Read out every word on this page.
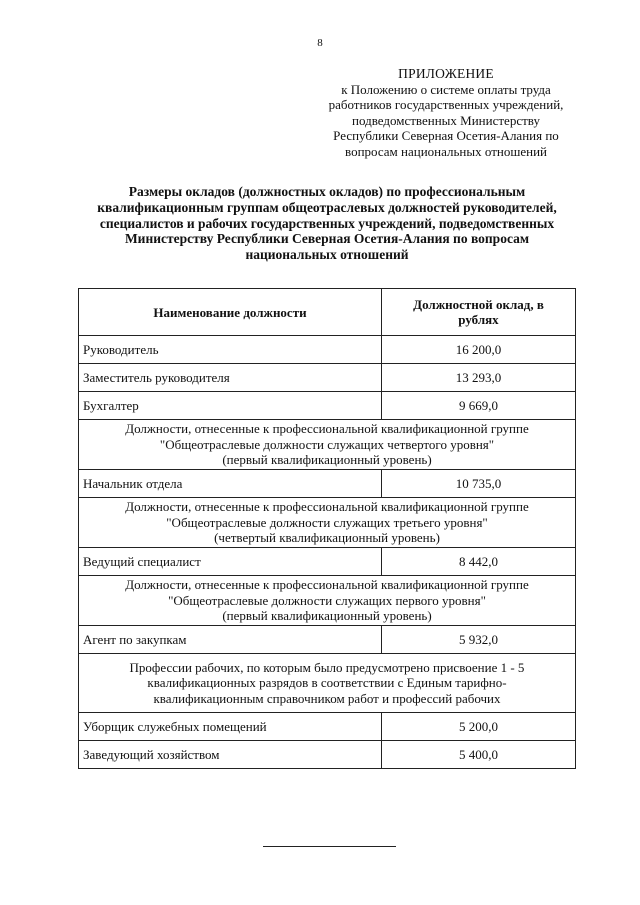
8
ПРИЛОЖЕНИЕ
к Положению о системе оплаты труда
работников государственных учреждений,
подведомственных Министерству
Республики Северная Осетия-Алания по
вопросам национальных отношений
Размеры окладов (должностных окладов) по профессиональным
квалификационным группам общеотраслевых должностей руководителей,
специалистов и рабочих государственных учреждений, подведомственных
Министерству Республики Северная Осетия-Алания по вопросам
национальных отношений
Наименование должности	Должностной оклад, в
рублях

Руководитель	16 200,0
Заместитель руководителя	13 293,0
Бухгалтер	9 669,0

Должности, отнесенные к профессиональной квалификационной группе
"Общеотраслевые должности служащих четвертого уровня"
(первый квалификационный уровень)	

Начальник отдела	10 735,0

Должности, отнесенные к профессиональной квалификационной группе
"Общеотраслевые должности служащих третьего уровня"
(четвертый квалификационный уровень)	

Ведущий специалист	8 442,0

Должности, отнесенные к профессиональной квалификационной группе
"Общеотраслевые должности служащих первого уровня"
(первый квалификационный уровень)	

Агент по закупкам	5 932,0

Профессии рабочих, по которым было предусмотрено присвоение 1 - 5
квалификационных разрядов в соответствии с Единым тарифно-
квалификационным справочником работ и профессий рабочих	

Уборщик служебных помещений	5 200,0
Заведующий хозяйством	5 400,0
